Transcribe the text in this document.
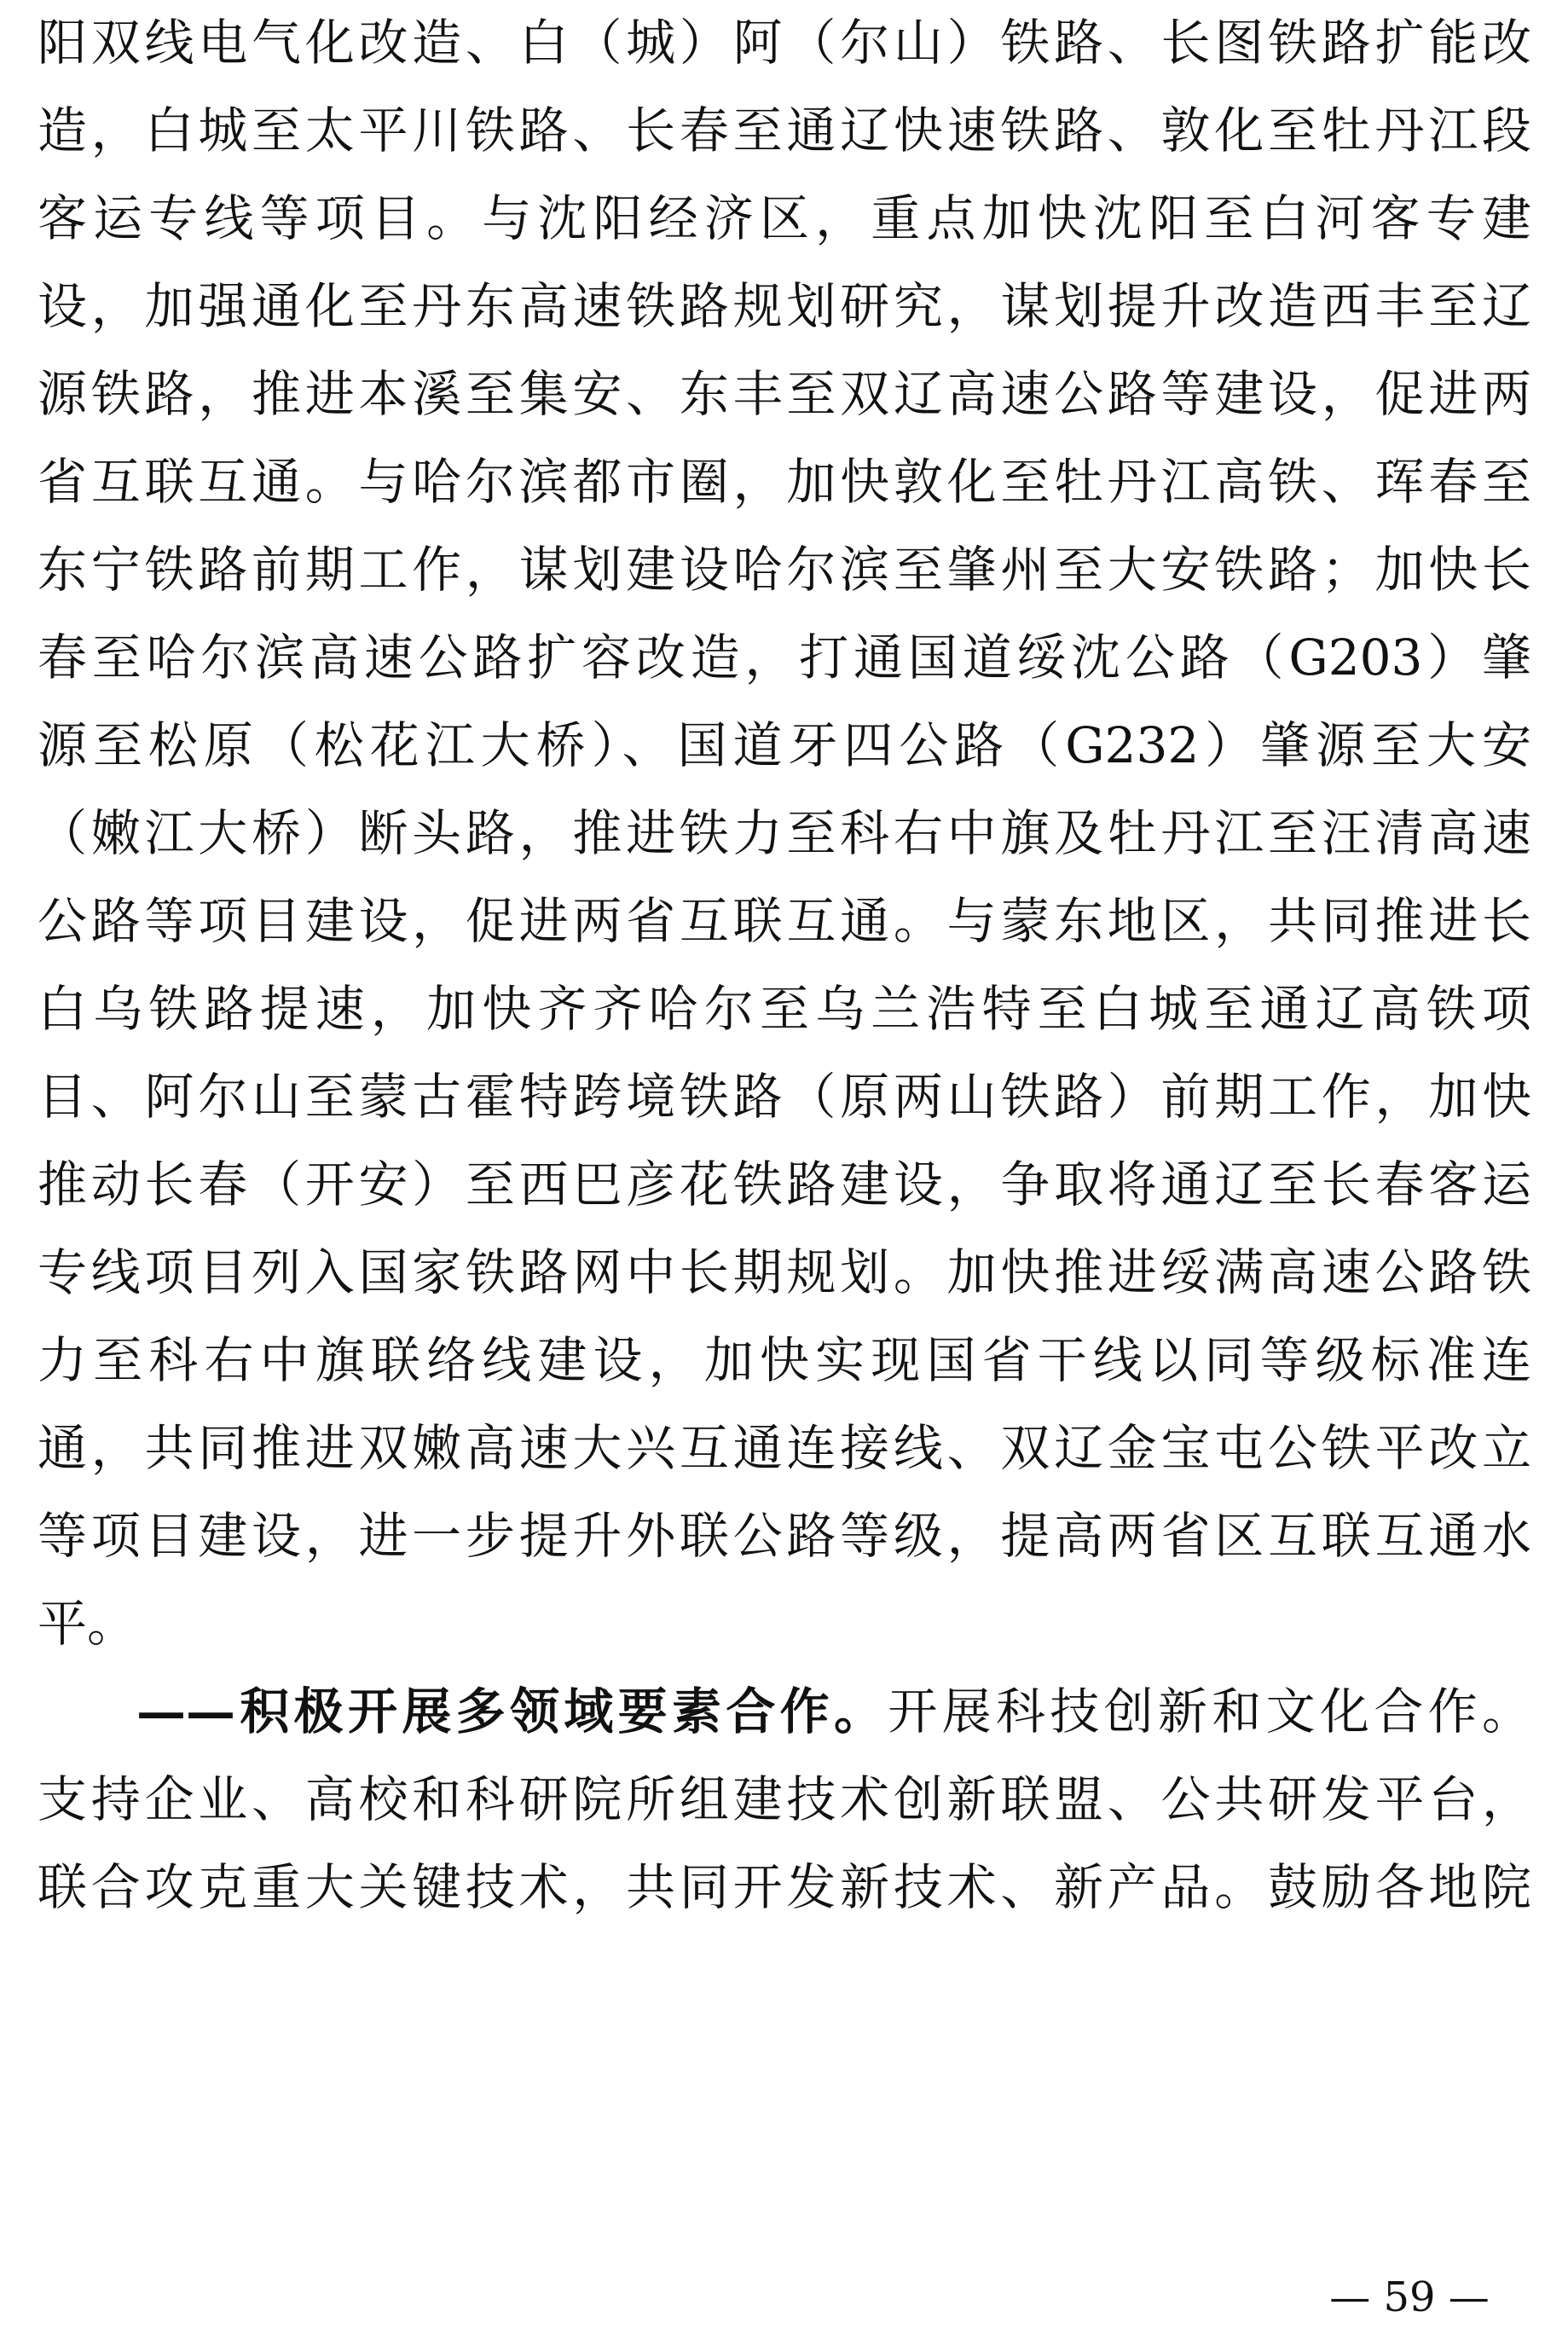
阳双线电气化改造、白（城）阿（尔山）铁路、长图铁路扩能改
造，白城至太平川铁路、长春至通辽快速铁路、敦化至牡丹江段
客运专线等项目。与沈阳经济区，重点加快沈阳至白河客专建
设，加强通化至丹东高速铁路规划研究，谋划提升改造西丰至辽
源铁路，推进本溪至集安、东丰至双辽高速公路等建设，促进两
省互联互通。与哈尔滨都市圈，加快敦化至牡丹江高铁、珲春至
东宁铁路前期工作，谋划建设哈尔滨至肇州至大安铁路；加快长
春至哈尔滨高速公路扩容改造，打通国道绥沈公路（G203）肇
源至松原（松花江大桥）、国道牙四公路（G232）肇源至大安
（嫩江大桥）断头路，推进铁力至科右中旗及牡丹江至汪清高速
公路等项目建设，促进两省互联互通。与蒙东地区，共同推进长
白乌铁路提速，加快齐齐哈尔至乌兰浩特至白城至通辽高铁项
目、阿尔山至蒙古霍特跨境铁路（原两山铁路）前期工作，加快
推动长春（开安）至西巴彦花铁路建设，争取将通辽至长春客运
专线项目列入国家铁路网中长期规划。加快推进绥满高速公路铁
力至科右中旗联络线建设，加快实现国省干线以同等级标准连
通，共同推进双嫩高速大兴互通连接线、双辽金宝屯公铁平改立
等项目建设，进一步提升外联公路等级，提高两省区互联互通水
平。
——积极开展多领域要素合作。开展科技创新和文化合作。
支持企业、高校和科研院所组建技术创新联盟、公共研发平台，
联合攻克重大关键技术，共同开发新技术、新产品。鼓励各地院
— 59 —
